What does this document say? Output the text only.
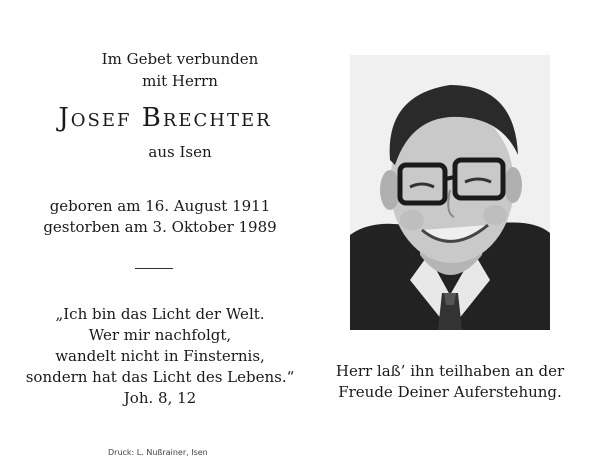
Im Gebet verbunden
mit Herrn
Josef Brechter
aus Isen
geboren am 16. August 1911
gestorben am 3. Oktober 1989
„Ich bin das Licht der Welt.
Wer mir nachfolgt,
wandelt nicht in Finsternis,
sondern hat das Licht des Lebens.“
Joh. 8, 12
Herr laß’ ihn teilhaben an der
Freude Deiner Auferstehung.
Druck: L. Nußrainer, Isen
